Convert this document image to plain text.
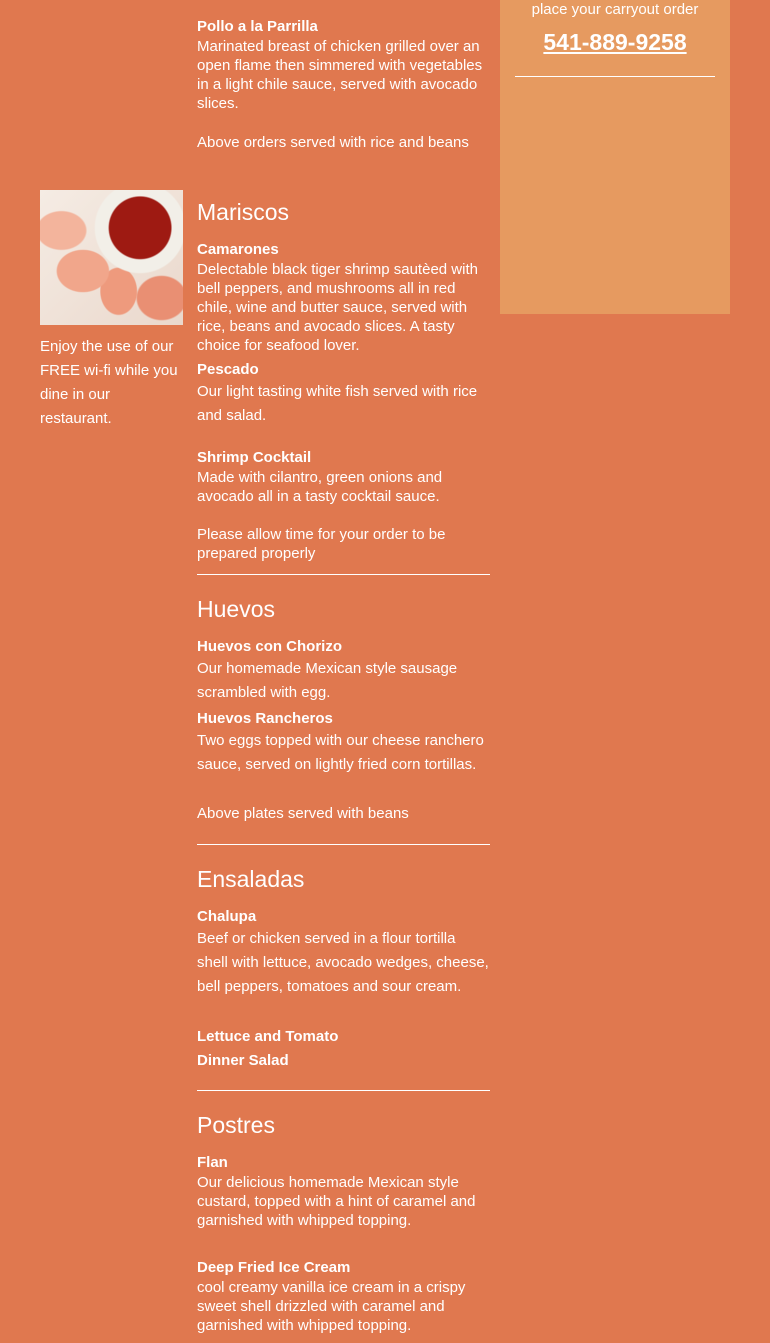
place your carryout order
541-889-9258
Enjoy the use of our FREE wi-fi while you dine in our restaurant.
Pollo a la Parrilla
Marinated breast of chicken grilled over an open flame then simmered with vegetables in a light chile sauce, served with avocado slices.
Above orders served with rice and beans
Mariscos
Camarones
Delectable black tiger shrimp sautèed with bell peppers, and mushrooms all in red chile, wine and butter sauce, served with rice, beans and avocado slices. A tasty choice for seafood lover.
Pescado
Our light tasting white fish served with rice and salad.
Shrimp Cocktail
Made with cilantro, green onions and avocado all in a tasty cocktail sauce.
Please allow time for your order to be prepared properly
Huevos
Huevos con Chorizo
Our homemade Mexican style sausage scrambled with egg.
Huevos Rancheros
Two eggs topped with our cheese ranchero sauce, served on lightly fried corn tortillas.
Above plates served with beans
Ensaladas
Chalupa
Beef or chicken served in a flour tortilla shell with lettuce, avocado wedges, cheese, bell peppers, tomatoes and sour cream.
Lettuce and Tomato
Dinner Salad
Postres
Flan
Our delicious homemade Mexican style custard, topped with a hint of caramel and garnished with whipped topping.
Deep Fried Ice Cream
cool creamy vanilla ice cream in a crispy sweet shell drizzled with caramel and garnished with whipped topping.
